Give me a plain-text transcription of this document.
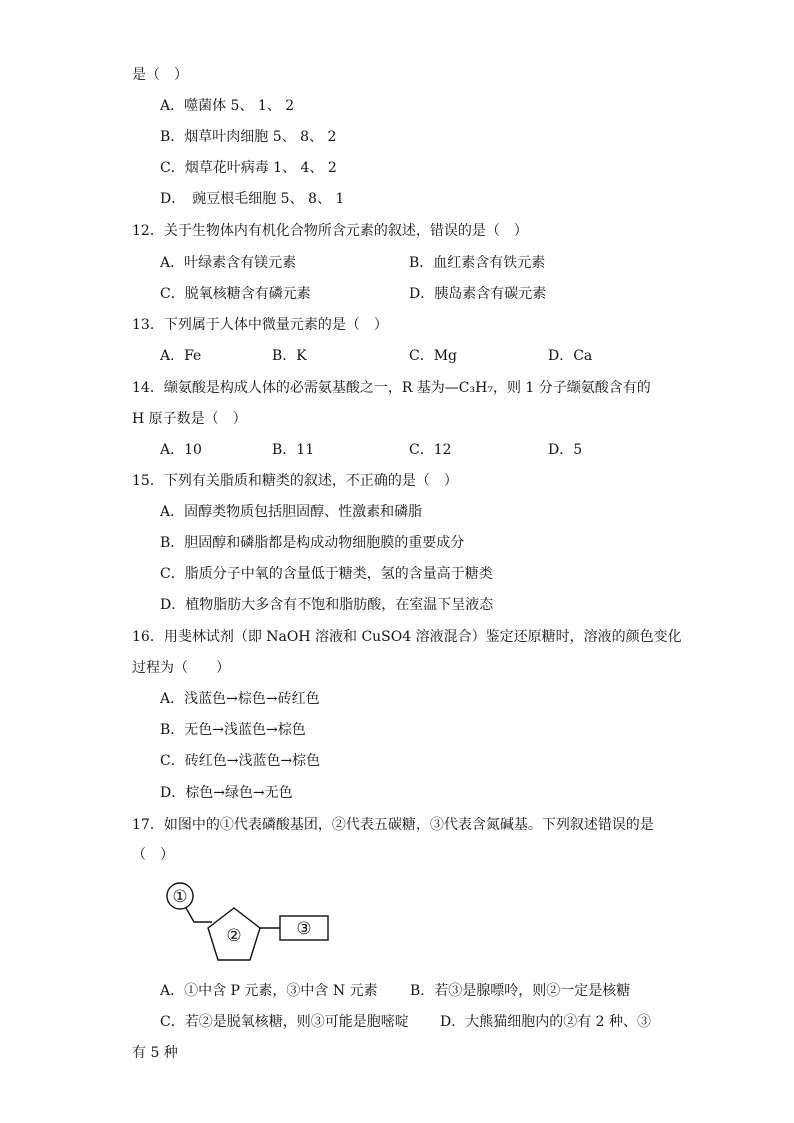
是（　）
A．噬菌体 5、 1、 2
B．烟草叶肉细胞 5、 8、 2
C．烟草花叶病毒 1、 4、 2
D．　豌豆根毛细胞 5、 8、 1
12．关于生物体内有机化合物所含元素的叙述，错误的是（　）
A．叶绿素含有镁元素	B．血红素含有铁元素
C．脱氧核糖含有磷元素	D．胰岛素含有碳元素
13．下列属于人体中微量元素的是（　）
A．Fe	B．K	C．Mg	D．Ca
14．缬氨酸是构成人体的必需氨基酸之一，R 基为—C₃H₇，则 1 分子缬氨酸含有的
H 原子数是（　）
A．10	B．11	C．12	D．5
15．下列有关脂质和糖类的叙述，不正确的是（　）
A．固醇类物质包括胆固醇、性激素和磷脂
B．胆固醇和磷脂都是构成动物细胞膜的重要成分
C．脂质分子中氧的含量低于糖类，氢的含量高于糖类
D．植物脂肪大多含有不饱和脂肪酸，在室温下呈液态
16．用斐林试剂（即 NaOH 溶液和 CuSO4 溶液混合）鉴定还原糖时，溶液的颜色变化
过程为（　　）
A．浅蓝色→棕色→砖红色
B．无色→浅蓝色→棕色
C．砖红色→浅蓝色→棕色
D．棕色→绿色→无色
17．如图中的①代表磷酸基团，②代表五碳糖，③代表含氮碱基。下列叙述错误的是
（　）
①
②	③
A．①中含 P 元素，③中含 N 元素 B．若③是腺嘌呤，则②一定是核糖
C．若②是脱氧核糖，则③可能是胞嘧啶 D．大熊猫细胞内的②有 2 种、③
有 5 种
